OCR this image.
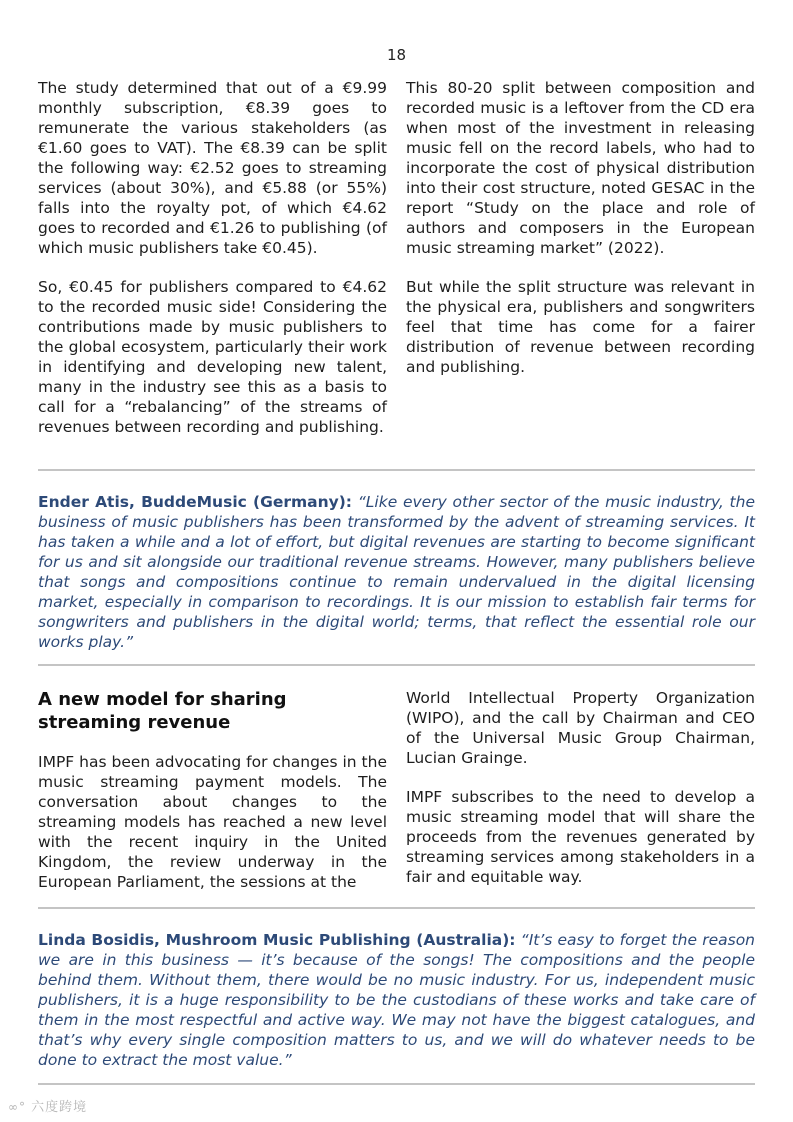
18

The study determined that out of a €9.99 monthly subscription, €8.39 goes to remunerate the various stakeholders (as €1.60 goes to VAT). The €8.39 can be split the following way: €2.52 goes to streaming services (about 30%), and €5.88 (or 55%) falls into the royalty pot, of which €4.62 goes to recorded and €1.26 to publishing (of which music publishers take €0.45).

So, €0.45 for publishers compared to €4.62 to the recorded music side! Considering the contributions made by music publishers to the global ecosystem, particularly their work in identifying and developing new talent, many in the industry see this as a basis to call for a “rebalancing” of the streams of revenues between recording and publishing.

This 80-20 split between composition and recorded music is a leftover from the CD era when most of the investment in releasing music fell on the record labels, who had to incorporate the cost of physical distribution into their cost structure, noted GESAC in the report “Study on the place and role of authors and composers in the European music streaming market” (2022).

But while the split structure was relevant in the physical era, publishers and songwriters feel that time has come for a fairer distribution of revenue between recording and publishing.

Ender Atis, BuddeMusic (Germany): “Like every other sector of the music industry, the business of music publishers has been transformed by the advent of streaming services. It has taken a while and a lot of effort, but digital revenues are starting to become significant for us and sit alongside our traditional revenue streams. However, many publishers believe that songs and compositions continue to remain undervalued in the digital licensing market, especially in comparison to recordings. It is our mission to establish fair terms for songwriters and publishers in the digital world; terms, that reflect the essential role our works play.”
A new model for sharing streaming revenue

IMPF has been advocating for changes in the music streaming payment models. The conversation about changes to the streaming models has reached a new level with the recent inquiry in the United Kingdom, the review underway in the European Parliament, the sessions at the

World Intellectual Property Organization (WIPO), and the call by Chairman and CEO of the Universal Music Group Chairman, Lucian Grainge.

IMPF subscribes to the need to develop a music streaming model that will share the proceeds from the revenues generated by streaming services among stakeholders in a fair and equitable way.

Linda Bosidis, Mushroom Music Publishing (Australia): “It’s easy to forget the reason we are in this business — it’s because of the songs! The compositions and the people behind them. Without them, there would be no music industry. For us, independent music publishers, it is a huge responsibility to be the custodians of these works and take care of them in the most respectful and active way. We may not have the biggest catalogues, and that’s why every single composition matters to us, and we will do whatever needs to be done to extract the most value.”
∞° 六度跨境
